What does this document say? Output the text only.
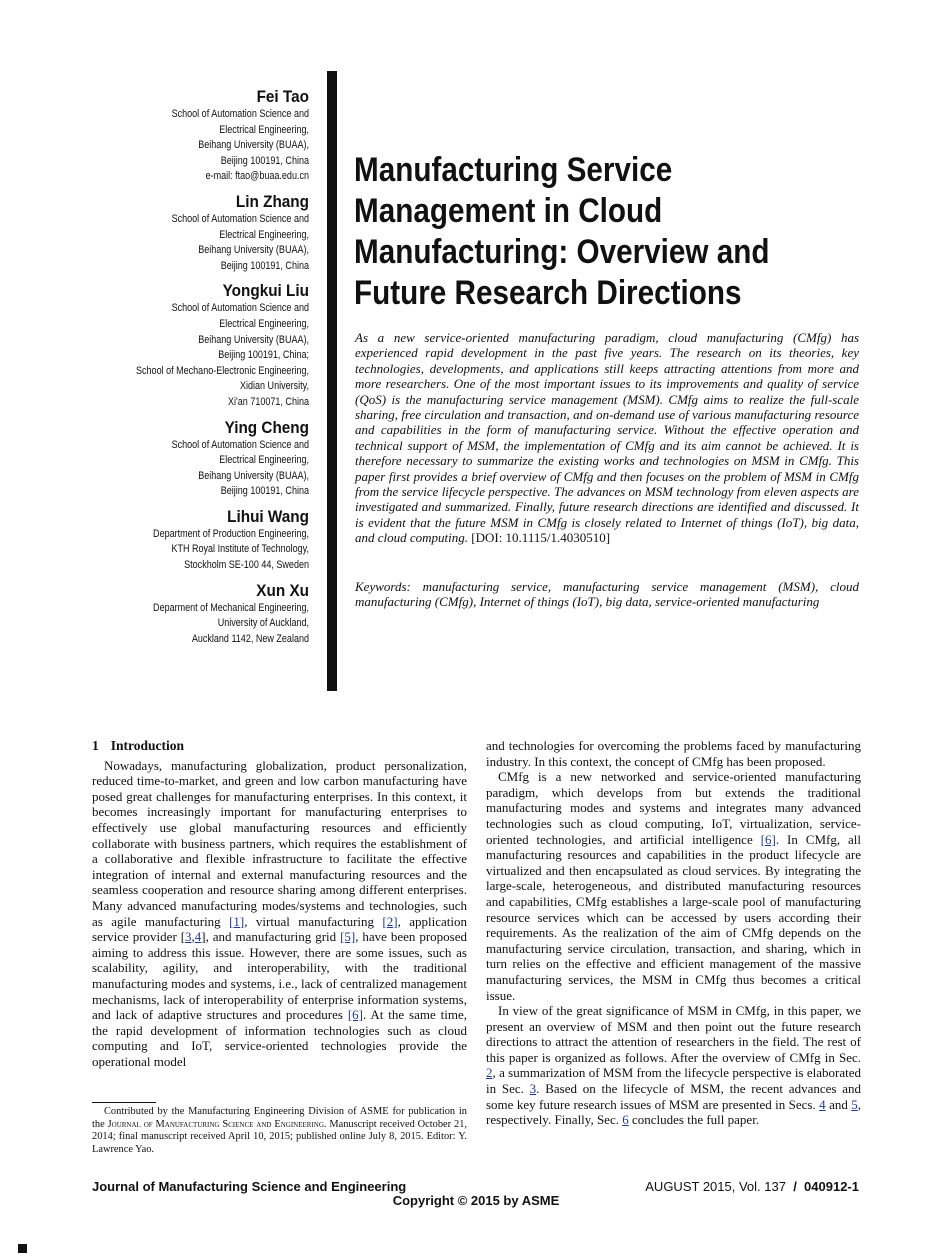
Fei Tao
School of Automation Science and
Electrical Engineering,
Beihang University (BUAA),
Beijing 100191, China
e-mail: ftao@buaa.edu.cn
Lin Zhang
School of Automation Science and
Electrical Engineering,
Beihang University (BUAA),
Beijing 100191, China
Yongkui Liu
School of Automation Science and
Electrical Engineering,
Beihang University (BUAA),
Beijing 100191, China;
School of Mechano-Electronic Engineering,
Xidian University,
Xi'an 710071, China
Ying Cheng
School of Automation Science and
Electrical Engineering,
Beihang University (BUAA),
Beijing 100191, China
Lihui Wang
Department of Production Engineering,
KTH Royal Institute of Technology,
Stockholm SE-100 44, Sweden
Xun Xu
Deparment of Mechanical Engineering,
University of Auckland,
Auckland 1142, New Zealand
Manufacturing Service
Management in Cloud
Manufacturing: Overview and
Future Research Directions
As a new service-oriented manufacturing paradigm, cloud manufacturing (CMfg) has experienced rapid development in the past five years. The research on its theories, key technologies, developments, and applications still keeps attracting attentions from more and more researchers. One of the most important issues to its improvements and quality of service (QoS) is the manufacturing service management (MSM). CMfg aims to realize the full-scale sharing, free circulation and transaction, and on-demand use of various manufacturing resource and capabilities in the form of manufacturing service. Without the effective operation and technical support of MSM, the implementation of CMfg and its aim cannot be achieved. It is therefore necessary to summarize the existing works and technologies on MSM in CMfg. This paper first provides a brief overview of CMfg and then focuses on the problem of MSM in CMfg from the service lifecycle perspective. The advances on MSM technology from eleven aspects are investigated and summarized. Finally, future research directions are identified and discussed. It is evident that the future MSM in CMfg is closely related to Internet of things (IoT), big data, and cloud computing. [DOI: 10.1115/1.4030510]
Keywords: manufacturing service, manufacturing service management (MSM), cloud manufacturing (CMfg), Internet of things (IoT), big data, service-oriented manufacturing
1 Introduction

Nowadays, manufacturing globalization, product personalization, reduced time-to-market, and green and low carbon manufacturing have posed great challenges for manufacturing enterprises. In this context, it becomes increasingly important for manufacturing enterprises to effectively use global manufacturing resources and efficiently collaborate with business partners, which requires the establishment of a collaborative and flexible infrastructure to facilitate the effective integration of internal and external manufacturing resources and the seamless cooperation and resource sharing among different enterprises. Many advanced manufacturing modes/systems and technologies, such as agile manufacturing [1], virtual manufacturing [2], application service provider [3,4], and manufacturing grid [5], have been proposed aiming to address this issue. However, there are some issues, such as scalability, agility, and interoperability, with the traditional manufacturing modes and systems, i.e., lack of centralized management mechanisms, lack of interoperability of enterprise information systems, and lack of adaptive structures and procedures [6]. At the same time, the rapid development of information technologies such as cloud computing and IoT, service-oriented technologies provide the operational model

and technologies for overcoming the problems faced by manufacturing industry. In this context, the concept of CMfg has been proposed.

CMfg is a new networked and service-oriented manufacturing paradigm, which develops from but extends the traditional manufacturing modes and systems and integrates many advanced technologies such as cloud computing, IoT, virtualization, service-oriented technologies, and artificial intelligence [6]. In CMfg, all manufacturing resources and capabilities in the product lifecycle are virtualized and then encapsulated as cloud services. By integrating the large-scale, heterogeneous, and distributed manufacturing resources and capabilities, CMfg establishes a large-scale pool of manufacturing resource services which can be accessed by users according their requirements. As the realization of the aim of CMfg depends on the manufacturing service circulation, transaction, and sharing, which in turn relies on the effective and efficient management of the massive manufacturing services, the MSM in CMfg thus becomes a critical issue.

In view of the great significance of MSM in CMfg, in this paper, we present an overview of MSM and then point out the future research directions to attract the attention of researchers in the field. The rest of this paper is organized as follows. After the overview of CMfg in Sec. 2, a summarization of MSM from the lifecycle perspective is elaborated in Sec. 3. Based on the lifecycle of MSM, the recent advances and some key future research issues of MSM are presented in Secs. 4 and 5, respectively. Finally, Sec. 6 concludes the full paper.

Contributed by the Manufacturing Engineering Division of ASME for publication in the Journal of Manufacturing Science and Engineering. Manuscript received October 21, 2014; final manuscript received April 10, 2015; published online July 8, 2015. Editor: Y. Lawrence Yao.
Journal of Manufacturing Science and Engineering	AUGUST 2015, Vol. 137 / 040912-1
Copyright © 2015 by ASME
